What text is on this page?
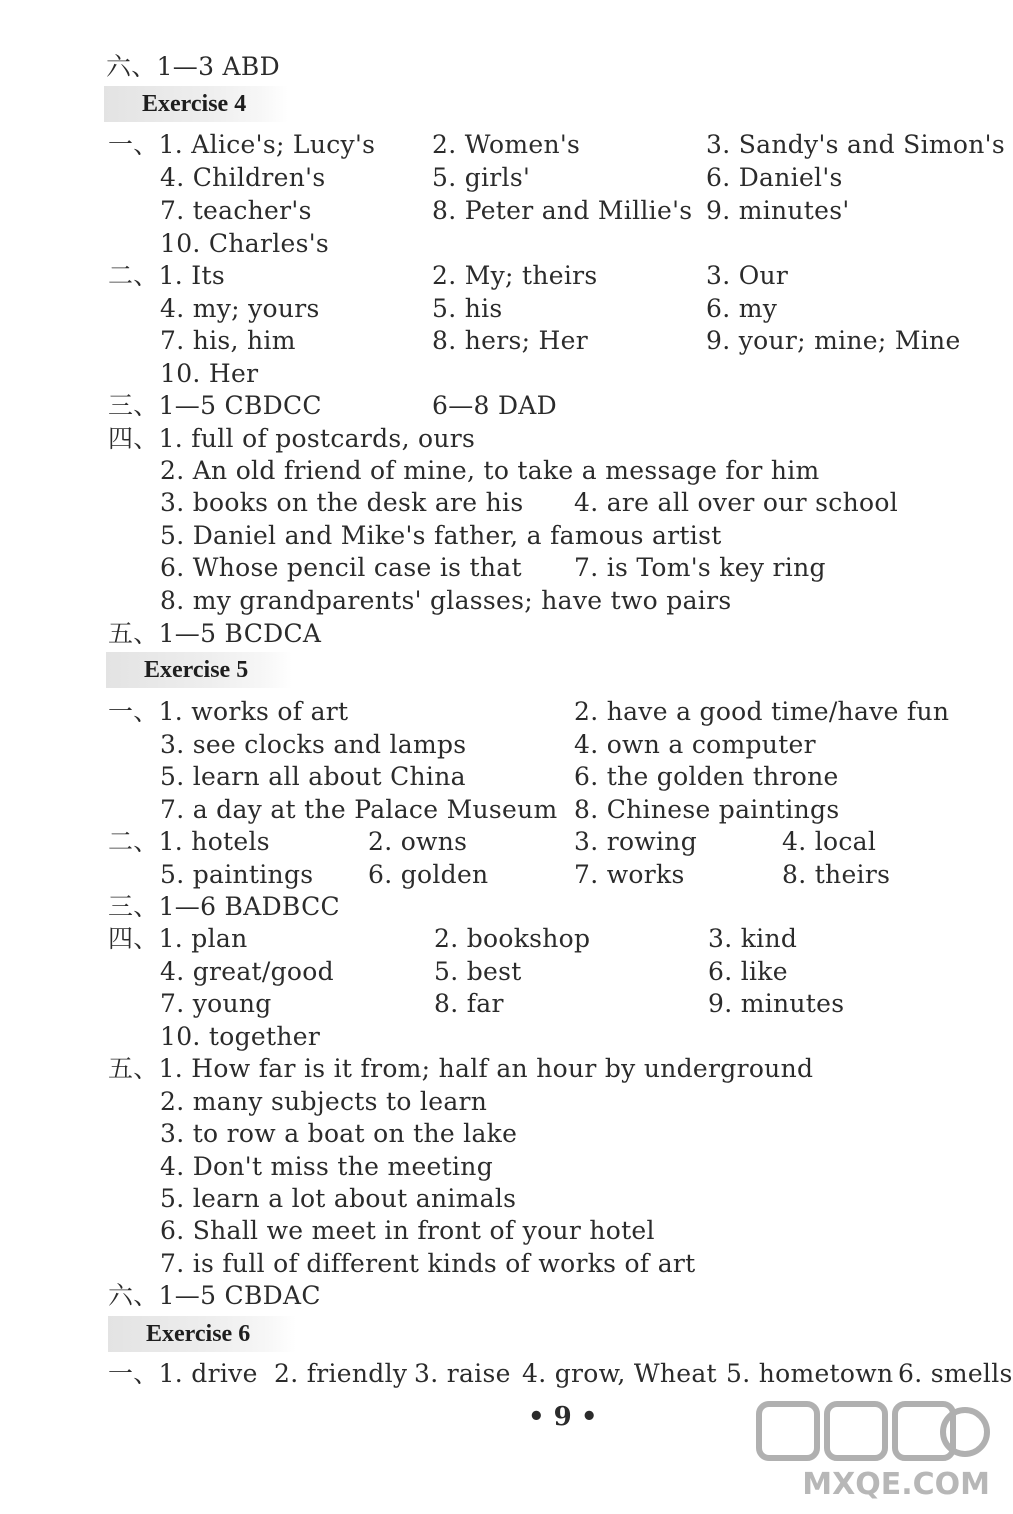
Exercise 4
Exercise 5
Exercise 6
六、1—3 ABD
一、1. Alice's; Lucy's 2. Women's	3. Sandy's and Simon's
4. Children's	5. girls'	6. Daniel's
7. teacher's	8. Peter and Millie's 9. minutes'
10. Charles's
二、1. Its	2. My; theirs	3. Our
4. my; yours	5. his	6. my
7. his, him	8. hers; Her	9. your; mine; Mine
10. Her
三、1—5 CBDCC	6—8 DAD
四、1. full of postcards, ours
2. An old friend of mine, to take a message for him
3. books on the desk are his 4. are all over our school
5. Daniel and Mike's father, a famous artist
6. Whose pencil case is that 7. is Tom's key ring
8. my grandparents' glasses; have two pairs
五、1—5 BCDCA
一、1. works of art	2. have a good time/have fun
3. see clocks and lamps	4. own a computer
5. learn all about China	6. the golden throne
7. a day at the Palace Museum 8. Chinese paintings
二、1. hotels	2. owns	3. rowing	4. local
5. paintings 6. golden	7. works	8. theirs
三、1—6 BADBCC
四、1. plan	2. bookshop	3. kind
4. great/good	5. best	6. like
7. young	8. far	9. minutes
10. together
五、1. How far is it from; half an hour by underground
2. many subjects to learn
3. to row a boat on the lake
4. Don't miss the meeting
5. learn a lot about animals
6. Shall we meet in front of your hotel
7. is full of different kinds of works of art
六、1—5 CBDAC
一、1. drive 2. friendly 3. raise 4. grow, Wheat 5. hometown 6. smells
• 9 •
MXQE.COM
